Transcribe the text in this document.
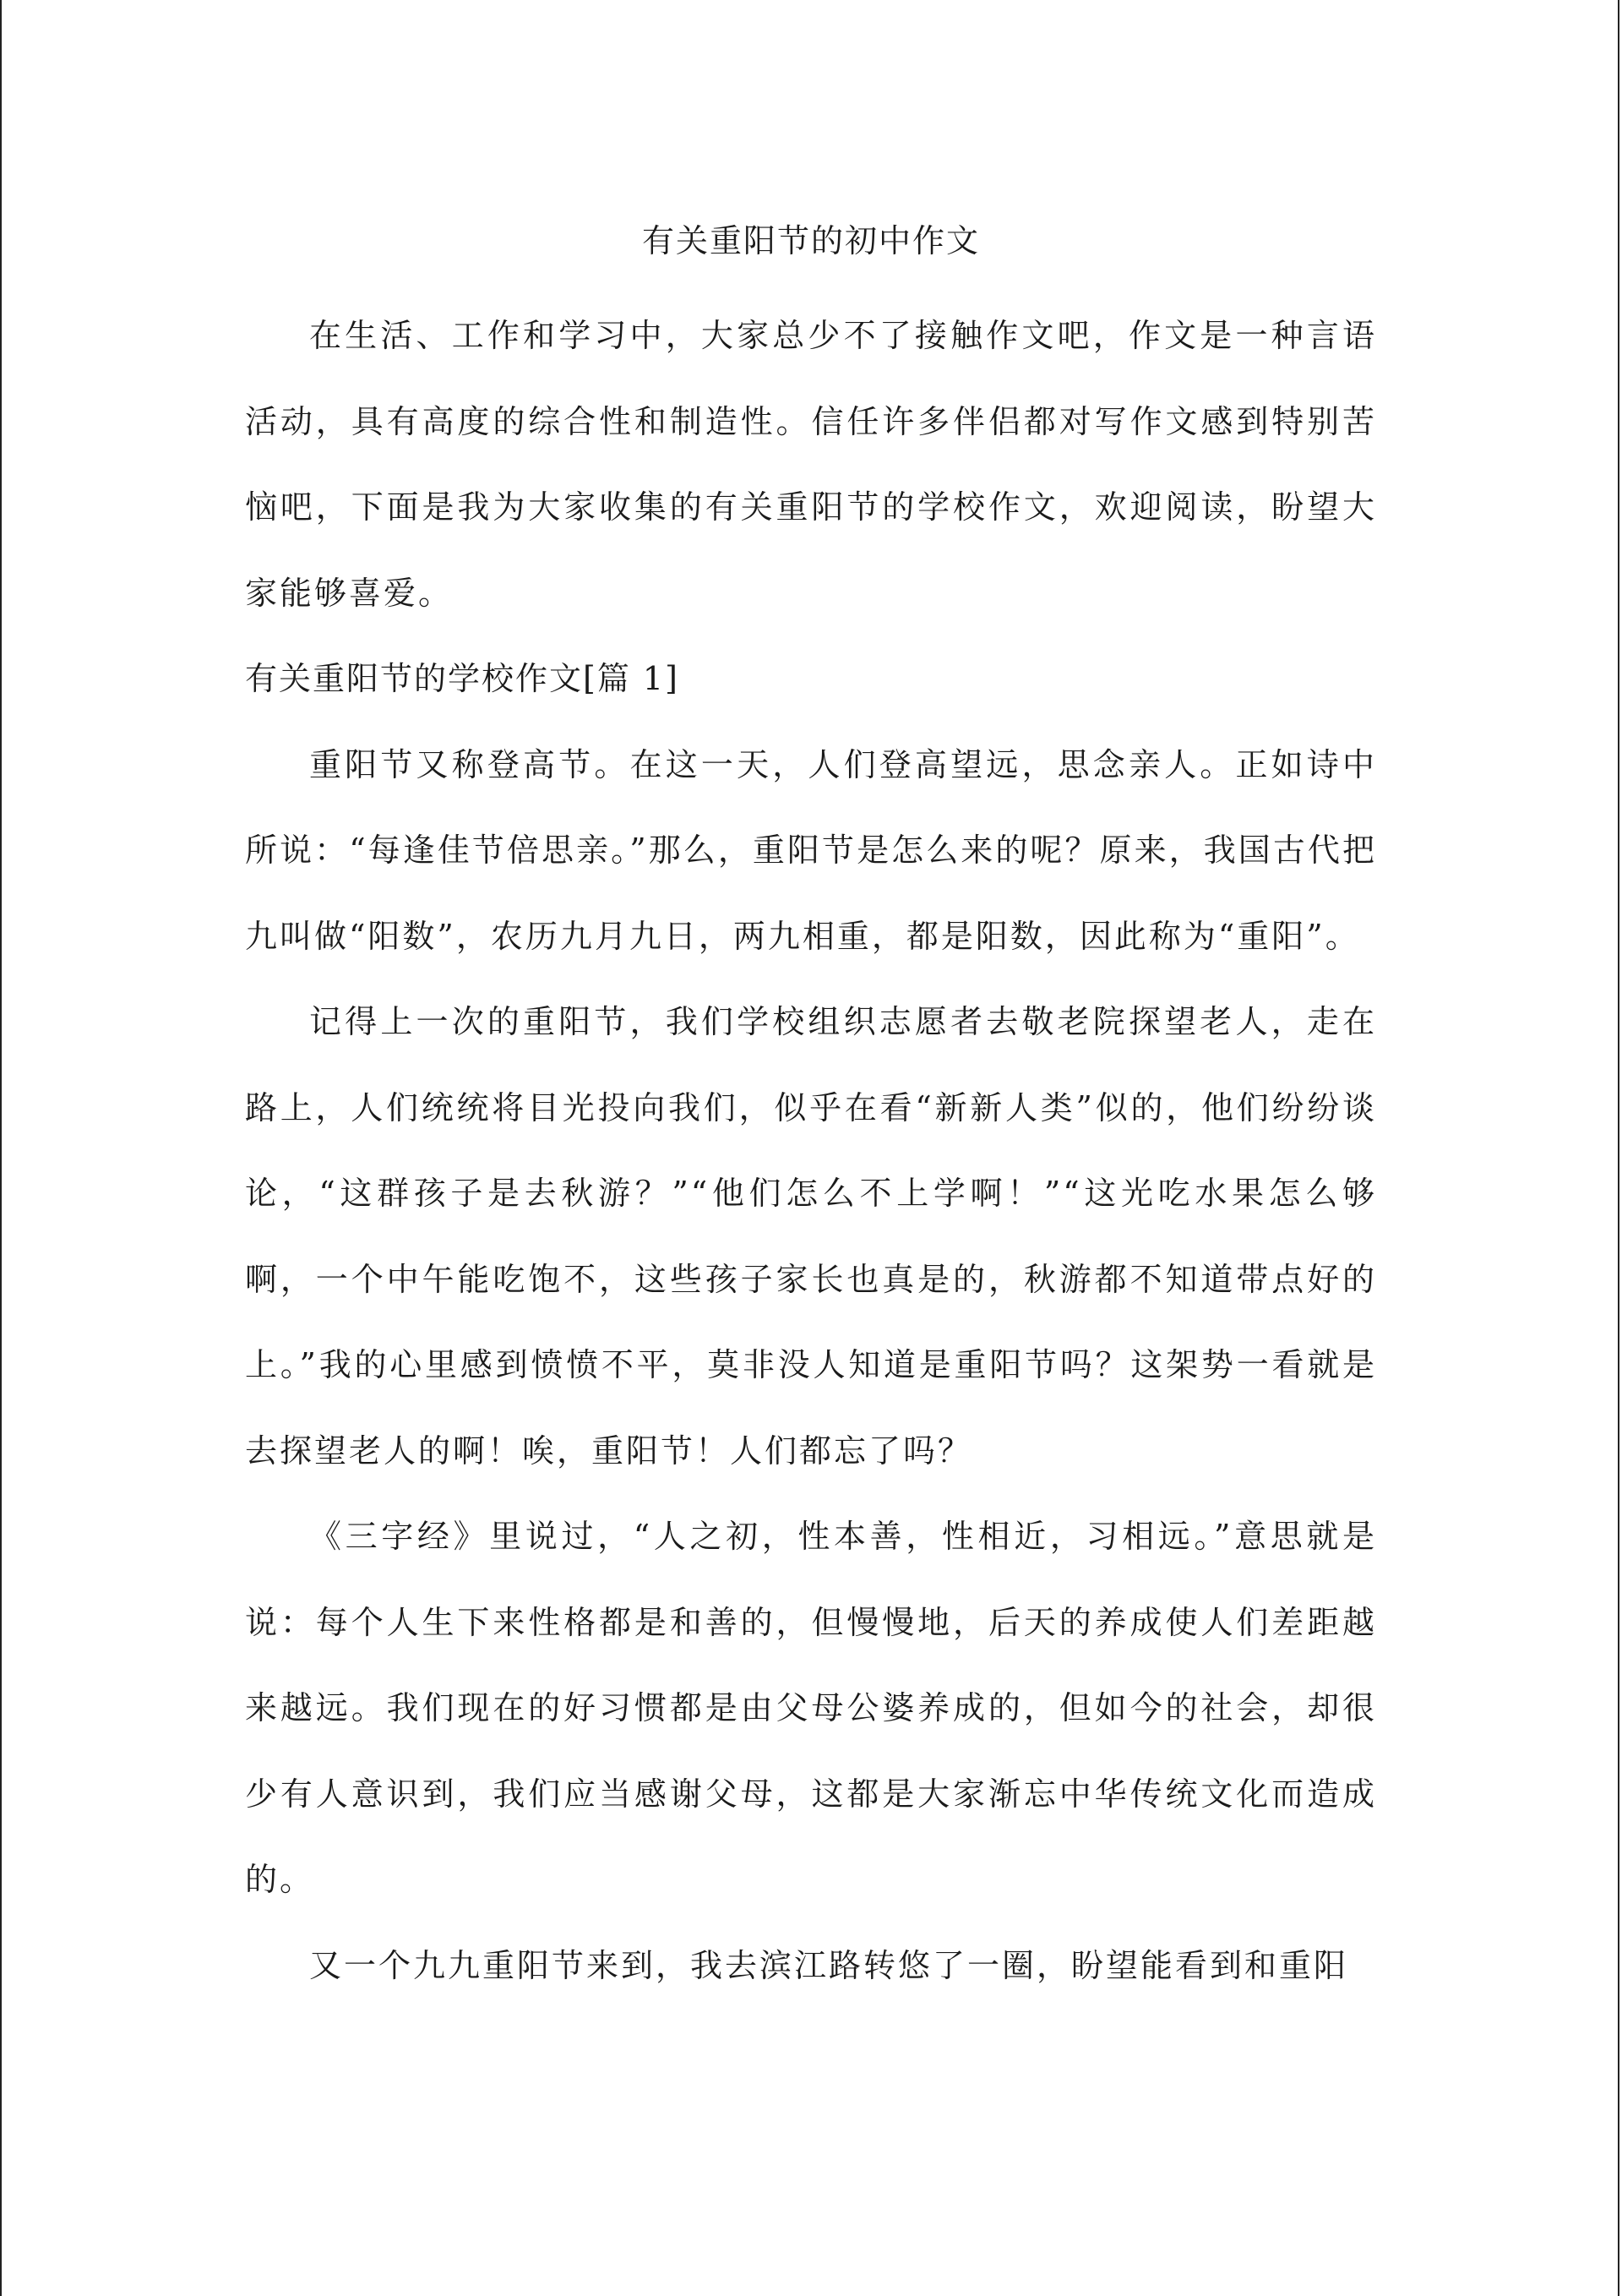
有关重阳节的初中作文

在生活、工作和学习中，大家总少不了接触作文吧，作文是一种言语活动，具有高度的综合性和制造性。信任许多伴侣都对写作文感到特别苦恼吧，下面是我为大家收集的有关重阳节的学校作文，欢迎阅读，盼望大家能够喜爱。

有关重阳节的学校作文[篇 1]

重阳节又称登高节。在这一天，人们登高望远，思念亲人。正如诗中所说：“每逢佳节倍思亲。”那么，重阳节是怎么来的呢？原来，我国古代把九叫做“阳数”，农历九月九日，两九相重，都是阳数，因此称为“重阳”。

记得上一次的重阳节，我们学校组织志愿者去敬老院探望老人，走在路上，人们统统将目光投向我们，似乎在看“新新人类”似的，他们纷纷谈论，“这群孩子是去秋游？”“他们怎么不上学啊！”“这光吃水果怎么够啊，一个中午能吃饱不，这些孩子家长也真是的，秋游都不知道带点好的上。”我的心里感到愤愤不平，莫非没人知道是重阳节吗？这架势一看就是去探望老人的啊！唉，重阳节！人们都忘了吗？

《三字经》里说过，“人之初，性本善，性相近，习相远。”意思就是说：每个人生下来性格都是和善的，但慢慢地，后天的养成使人们差距越来越远。我们现在的好习惯都是由父母公婆养成的，但如今的社会，却很少有人意识到，我们应当感谢父母，这都是大家渐忘中华传统文化而造成的。

又一个九九重阳节来到，我去滨江路转悠了一圈，盼望能看到和重阳
